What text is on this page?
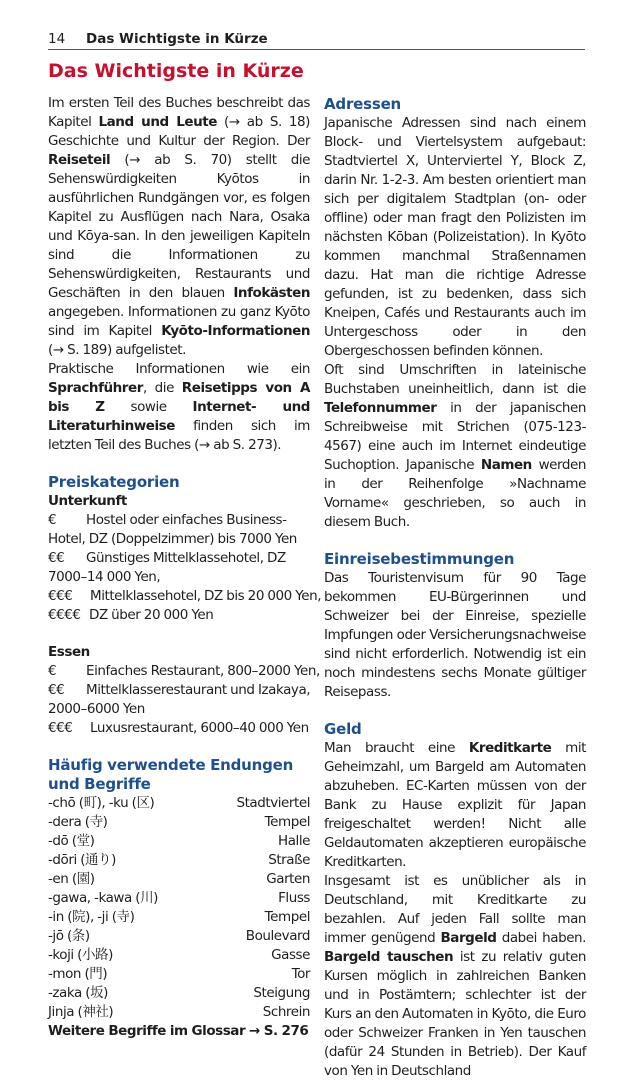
14 Das Wichtigste in Kürze
Das Wichtigste in Kürze

Im ersten Teil des Buches beschreibt das Kapitel Land und Leute (→ ab S. 18) Geschichte und Kultur der Region. Der Reiseteil (→ ab S. 70) stellt die Sehenswürdigkeiten Kyōtos in ausführlichen Rundgängen vor, es folgen Kapitel zu Ausflügen nach Nara, Osaka und Kōya-san. In den jeweiligen Kapiteln sind die Informationen zu Sehenswürdigkeiten, Restaurants und Geschäften in den blauen Infokästen angegeben. Informationen zu ganz Kyōto sind im Kapitel Kyōto-Informationen (→ S. 189) aufgelistet.

Praktische Informationen wie ein Sprachführer, die Reisetipps von A bis Z sowie Internet- und Literaturhinweise finden sich im letzten Teil des Buches (→ ab S. 273).

Preiskategorien
Unterkunft
€	Hostel oder einfaches Business-
Hotel, DZ (Doppelzimmer) bis 7000 Yen
€€	Günstiges Mittelklassehotel, DZ
7000–14 000 Yen,
€€€	Mittelklassehotel, DZ bis 20 000 Yen,
€€€€ DZ über 20 000 Yen
Essen
€	Einfaches Restaurant, 800–2000 Yen,
€€	Mittelklasserestaurant und Izakaya,
2000–6000 Yen
€€€	Luxusrestaurant, 6000–40 000 Yen
Häufig verwendete Endungen
und Begriffe
-chō (町), -ku (区)	Stadtviertel
-dera (寺)	Tempel
-dō (堂)	Halle
-dōri (通り)	Straße
-en (園)	Garten
-gawa, -kawa (川)	Fluss
-in (院), -ji (寺)	Tempel
-jō (条)	Boulevard
-koji (小路)	Gasse
-mon (門)	Tor
-zaka (坂)	Steigung
Jinja (神社)	Schrein
Weitere Begriffe im Glossar → S. 276
Adressen

Japanische Adressen sind nach einem Block- und Viertelsystem aufgebaut: Stadtviertel X, Unterviertel Y, Block Z, darin Nr. 1-2-3. Am besten orientiert man sich per digitalem Stadtplan (on- oder offline) oder man fragt den Polizisten im nächsten Kōban (Polizeistation). In Kyōto kommen manchmal Straßennamen dazu. Hat man die richtige Adresse gefunden, ist zu bedenken, dass sich Kneipen, Cafés und Restaurants auch im Untergeschoss oder in den Obergeschossen befinden können.

Oft sind Umschriften in lateinische Buchstaben uneinheitlich, dann ist die Telefonnummer in der japanischen Schreibweise mit Strichen (075-123-4567) eine auch im Internet eindeutige Suchoption. Japanische Namen werden in der Reihenfolge »Nachname Vorname« geschrieben, so auch in diesem Buch.

Einreisebestimmungen

Das Touristenvisum für 90 Tage bekommen EU-Bürgerinnen und Schweizer bei der Einreise, spezielle Impfungen oder Versicherungsnachweise sind nicht erforderlich. Notwendig ist ein noch mindestens sechs Monate gültiger Reisepass.

Geld

Man braucht eine Kreditkarte mit Geheimzahl, um Bargeld am Automaten abzuheben. EC-Karten müssen von der Bank zu Hause explizit für Japan freigeschaltet werden! Nicht alle Geldautomaten akzeptieren europäische Kreditkarten.

Insgesamt ist es unüblicher als in Deutschland, mit Kreditkarte zu bezahlen. Auf jeden Fall sollte man immer genügend Bargeld dabei haben. Bargeld tauschen ist zu relativ guten Kursen möglich in zahlreichen Banken und in Postämtern; schlechter ist der Kurs an den Automaten in Kyōto, die Euro oder Schweizer Franken in Yen tauschen (dafür 24 Stunden in Betrieb). Der Kauf von Yen in Deutschland
